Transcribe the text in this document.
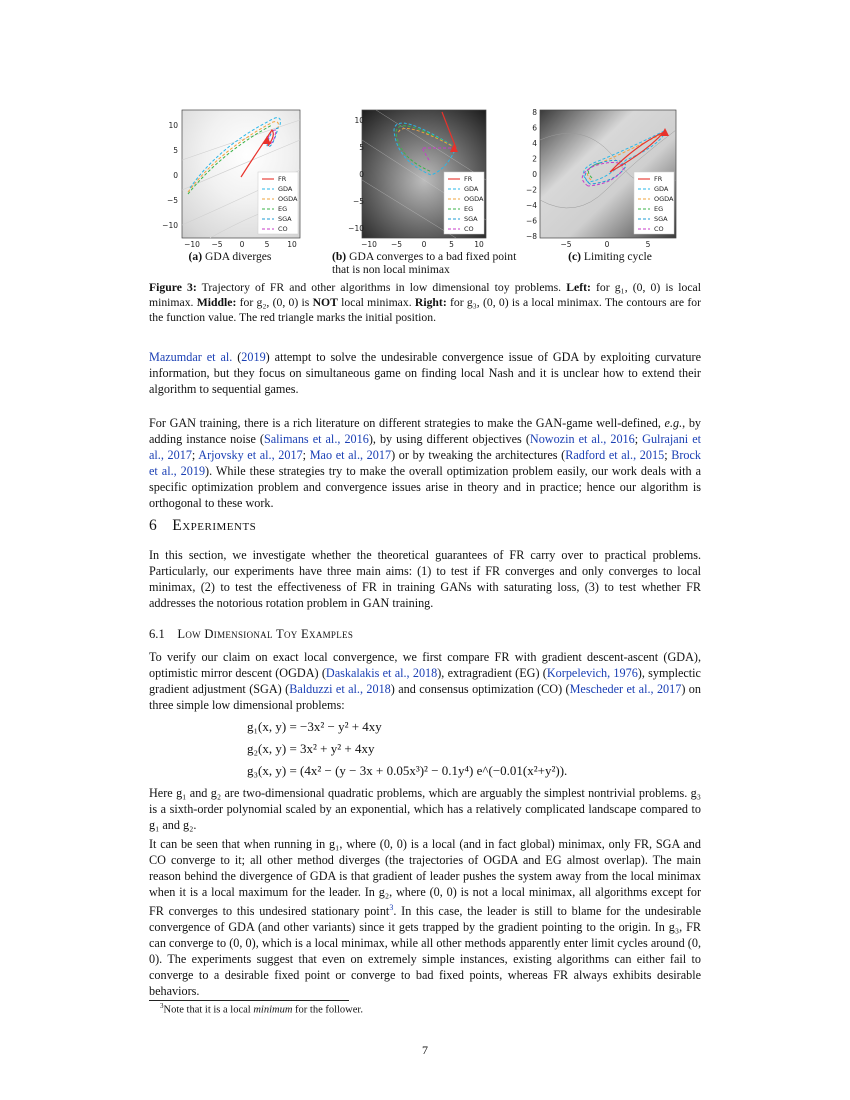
FR
GDA
OGDA
EG
SGA
CO
−10 −5 0	5 10
10
5
0
−5
−10
FR
GDA
OGDA
EG
SGA
CO
−10 −5	0	5	10
10
5
0
−5
−10
FR
GDA
OGDA
EG
SGA
CO
−5	0	5
8
6
4
2
0
−2
−4
−6
−8
(a) GDA diverges	(b) GDA converges to a bad fixed point that is non local minimax
(c) Limiting cycle
Figure 3: Trajectory of FR and other algorithms in low dimensional toy problems. Left: for g₁, (0, 0) is local minimax. Middle: for g₂, (0, 0) is NOT local minimax. Right: for g₃, (0, 0) is a local minimax. The contours are for the function value. The red triangle marks the initial position.
Mazumdar et al. (2019) attempt to solve the undesirable convergence issue of GDA by exploiting curvature information, but they focus on simultaneous game on finding local Nash and it is unclear how to extend their algorithm to sequential games.
For GAN training, there is a rich literature on different strategies to make the GAN-game well-defined, e.g., by adding instance noise (Salimans et al., 2016), by using different objectives (Nowozin et al., 2016; Gulrajani et al., 2017; Arjovsky et al., 2017; Mao et al., 2017) or by tweaking the architectures (Radford et al., 2015; Brock et al., 2019). While these strategies try to make the overall optimization problem easily, our work deals with a specific optimization problem and convergence issues arise in theory and in practice; hence our algorithm is orthogonal to these work.
6 Experiments
In this section, we investigate whether the theoretical guarantees of FR carry over to practical problems. Particularly, our experiments have three main aims: (1) to test if FR converges and only converges to local minimax, (2) to test the effectiveness of FR in training GANs with saturating loss, (3) to test whether FR addresses the notorious rotation problem in GAN training.
6.1 Low Dimensional Toy Examples
To verify our claim on exact local convergence, we first compare FR with gradient descent-ascent (GDA), optimistic mirror descent (OGDA) (Daskalakis et al., 2018), extragradient (EG) (Korpelevich, 1976), symplectic gradient adjustment (SGA) (Balduzzi et al., 2018) and consensus optimization (CO) (Mescheder et al., 2017) on three simple low dimensional problems:
g₁(x, y) = −3x² − y² + 4xy
g₂(x, y) = 3x² + y² + 4xy
g₃(x, y) = (4x² − (y − 3x + 0.05x³)² − 0.1y⁴) e^(−0.01(x²+y²)).
Here g₁ and g₂ are two-dimensional quadratic problems, which are arguably the simplest nontrivial problems. g₃ is a sixth-order polynomial scaled by an exponential, which has a relatively complicated landscape compared to g₁ and g₂.
It can be seen that when running in g₁, where (0, 0) is a local (and in fact global) minimax, only FR, SGA and CO converge to it; all other method diverges (the trajectories of OGDA and EG almost overlap). The main reason behind the divergence of GDA is that gradient of leader pushes the system away from the local minimax when it is a local maximum for the leader. In g₂, where (0, 0) is not a local minimax, all algorithms except for FR converges to this undesired stationary point$^3$. In this case, the leader is still to blame for the undesirable convergence of GDA (and other variants) since it gets trapped by the gradient pointing to the origin. In g₃, FR can converge to (0, 0), which is a local minimax, while all other methods apparently enter limit cycles around (0, 0). The experiments suggest that even on extremely simple instances, existing algorithms can either fail to converge to a desirable fixed point or converge to bad fixed points, whereas FR always exhibits desirable behaviors.
$^3$Note that it is a local minimum for the follower.
7
